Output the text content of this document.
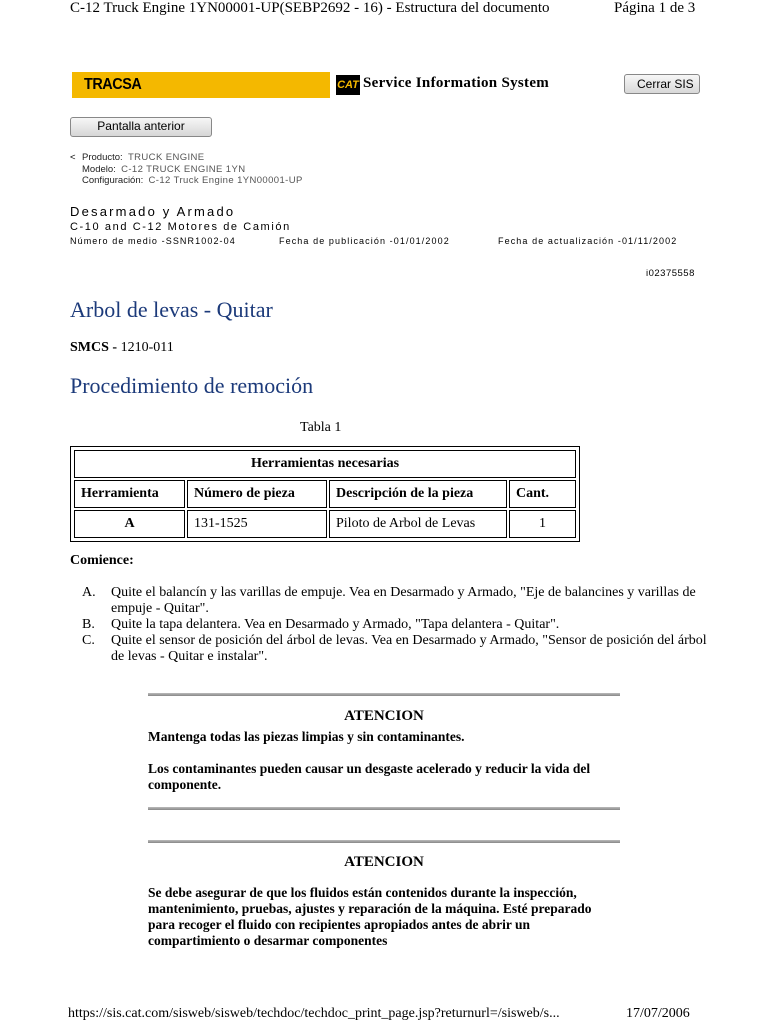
C-12 Truck Engine 1YN00001-UP(SEBP2692 - 16) - Estructura del documento	Página 1 de 3
TRACSA	CAT Service Information System	Cerrar SIS
Pantalla anterior
< Producto: TRUCK ENGINE
Modelo: C-12 TRUCK ENGINE 1YN
Configuración: C-12 Truck Engine 1YN00001-UP
Desarmado y Armado
C-10 and C-12 Motores de Camión
Número de medio -SSNR1002-04	Fecha de publicación -01/01/2002	Fecha de actualización -01/11/2002
i02375558
Arbol de levas - Quitar
SMCS - 1210-011
Procedimiento de remoción
Tabla 1
Herramientas necesarias			
Herramienta	Número de pieza	Descripción de la pieza	Cant.
A	131-1525	Piloto de Arbol de Levas	1
Comience:
A. Quite el balancín y las varillas de empuje. Vea en Desarmado y Armado, "Eje de balancines y varillas de empuje - Quitar".
B. Quite la tapa delantera. Vea en Desarmado y Armado, "Tapa delantera - Quitar".
C. Quite el sensor de posición del árbol de levas. Vea en Desarmado y Armado, "Sensor de posición del árbol de levas - Quitar e instalar".
ATENCION

Mantenga todas las piezas limpias y sin contaminantes.

Los contaminantes pueden causar un desgaste acelerado y reducir la vida del componente.

ATENCION

Se debe asegurar de que los fluidos están contenidos durante la inspección, mantenimiento, pruebas, ajustes y reparación de la máquina. Esté preparado para recoger el fluido con recipientes apropiados antes de abrir un compartimiento o desarmar componentes

https://sis.cat.com/sisweb/sisweb/techdoc/techdoc_print_page.jsp?returnurl=/sisweb/s...	17/07/2006
